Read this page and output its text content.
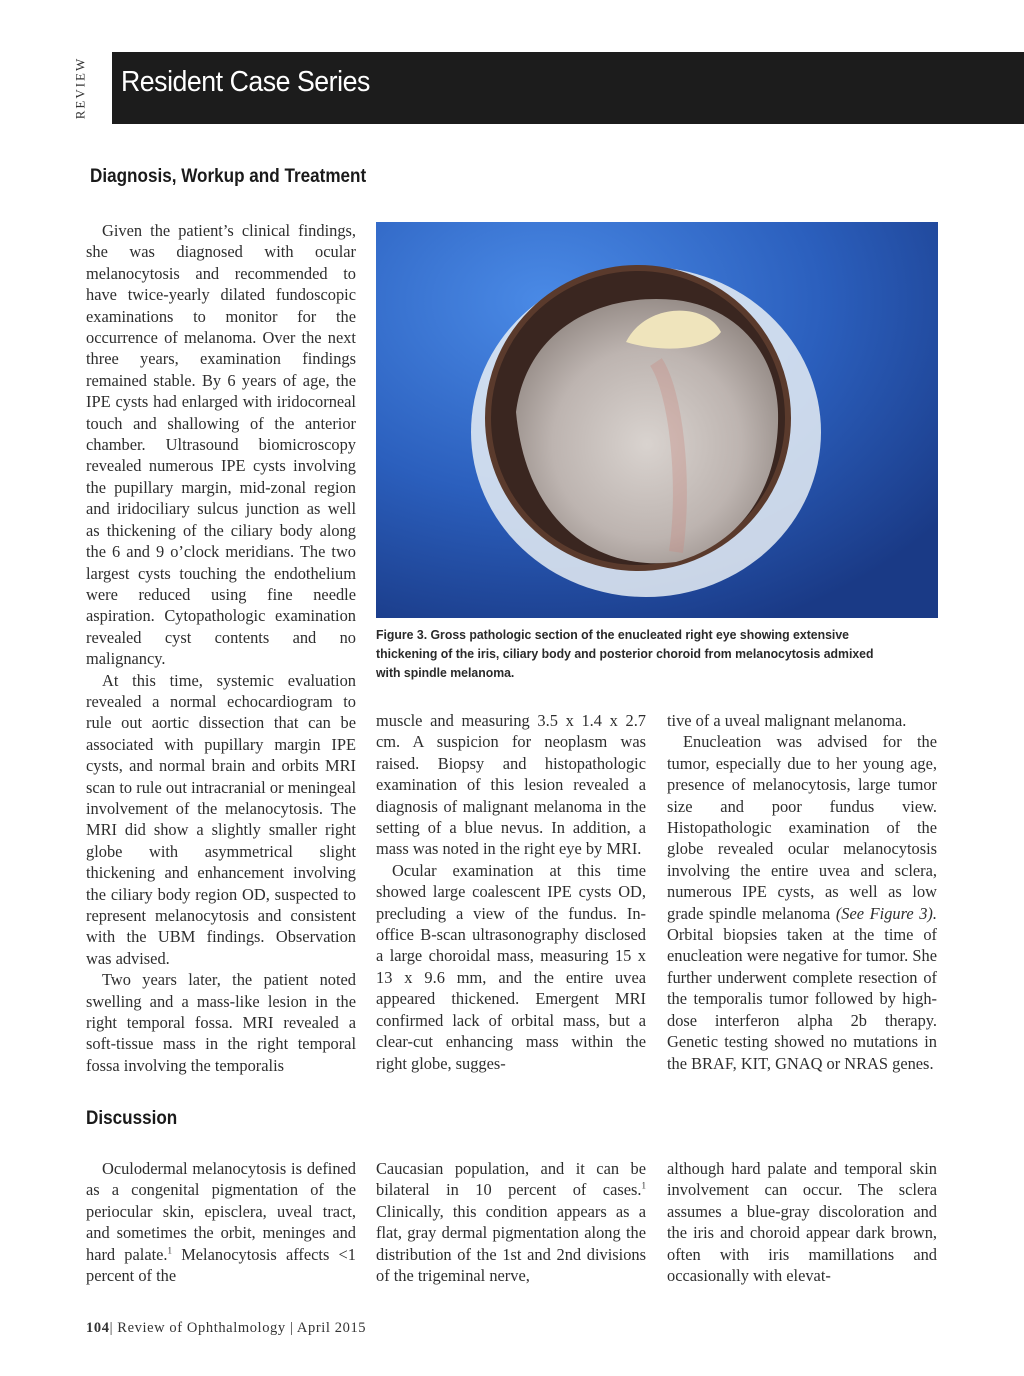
REVIEW Resident Case Series
Diagnosis, Workup and Treatment

Given the patient’s clinical findings, she was diagnosed with ocular melanocytosis and recommended to have twice-yearly dilated fundoscopic examinations to monitor for the occurrence of melanoma. Over the next three years, examination findings remained stable. By 6 years of age, the IPE cysts had enlarged with iridocorneal touch and shallowing of the anterior chamber. Ultrasound biomicroscopy revealed numerous IPE cysts involving the pupillary margin, mid-zonal region and iridociliary sulcus junction as well as thickening of the ciliary body along the 6 and 9 o’clock meridians. The two largest cysts touching the endothelium were reduced using fine needle aspiration. Cytopathologic examination revealed cyst contents and no malignancy.

At this time, systemic evaluation revealed a normal echocardiogram to rule out aortic dissection that can be associated with pupillary margin IPE cysts, and normal brain and orbits MRI scan to rule out intracranial or meningeal involvement of the melanocytosis. The MRI did show a slightly smaller right globe with asymmetrical slight thickening and enhancement involving the ciliary body region OD, suspected to represent melanocytosis and consistent with the UBM findings. Observation was advised.

Two years later, the patient noted swelling and a mass-like lesion in the right temporal fossa. MRI revealed a soft-tissue mass in the right temporal fossa involving the temporalis

Figure 3. Gross pathologic section of the enucleated right eye showing extensive thickening of the iris, ciliary body and posterior choroid from melanocytosis admixed with spindle melanoma.

muscle and measuring 3.5 x 1.4 x 2.7 cm. A suspicion for neoplasm was raised. Biopsy and histopathologic examination of this lesion revealed a diagnosis of malignant melanoma in the setting of a blue nevus. In addition, a mass was noted in the right eye by MRI.

Ocular examination at this time showed large coalescent IPE cysts OD, precluding a view of the fundus. In-office B-scan ultrasonography disclosed a large choroidal mass, measuring 15 x 13 x 9.6 mm, and the entire uvea appeared thickened. Emergent MRI confirmed lack of orbital mass, but a clear-cut enhancing mass within the right globe, sugges-

tive of a uveal malignant melanoma.

Enucleation was advised for the tumor, especially due to her young age, presence of melanocytosis, large tumor size and poor fundus view. Histopathologic examination of the globe revealed ocular melanocytosis involving the entire uvea and sclera, numerous IPE cysts, as well as low grade spindle melanoma (See Figure 3). Orbital biopsies taken at the time of enucleation were negative for tumor. She further underwent complete resection of the temporalis tumor followed by high-dose interferon alpha 2b therapy. Genetic testing showed no mutations in the BRAF, KIT, GNAQ or NRAS genes.

Discussion

Oculodermal melanocytosis is defined as a congenital pigmentation of the periocular skin, episclera, uveal tract, and sometimes the orbit, meninges and hard palate.$^1$ Melanocytosis affects <1 percent of the

Caucasian population, and it can be bilateral in 10 percent of cases.$^1$ Clinically, this condition appears as a flat, gray dermal pigmentation along the distribution of the 1st and 2nd divisions of the trigeminal nerve,

although hard palate and temporal skin involvement can occur. The sclera assumes a blue-gray discoloration and the iris and choroid appear dark brown, often with iris mamillations and occasionally with elevat-

104| Review of Ophthalmology | April 2015
